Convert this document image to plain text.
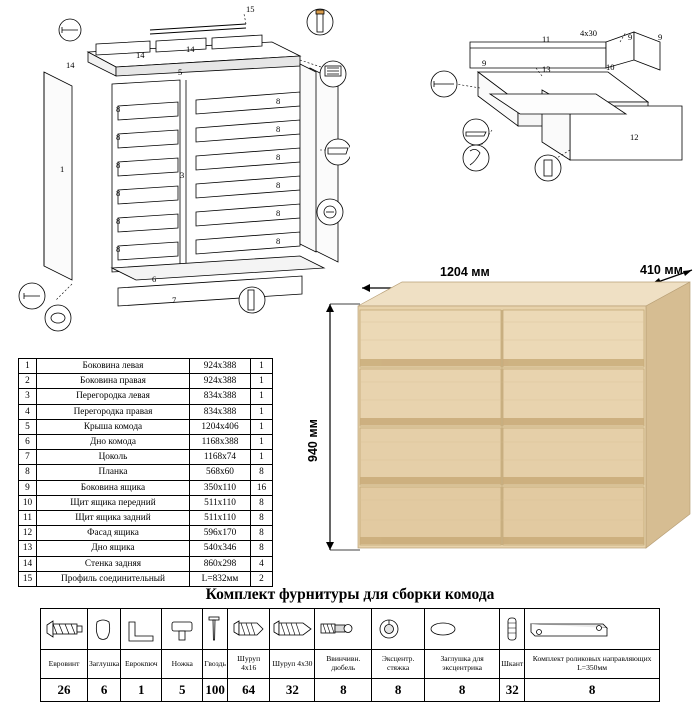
15
14
14
14
5
1
3
6
7
8
8
8
8
8
8
8
8
8
8
8
8
11
4х30	9	9
9
13	10
12
1	Боковина левая	924х388	1
2	Боковина правая	924х388	1
3	Перегородка левая	834х388	1
4	Перегородка правая	834х388	1
5	Крыша комода	1204х406	1
6	Дно комода	1168х388	1
7	Цоколь	1168х74	1
8	Планка	568х60	8
9	Боковина ящика	350х110	16
10	Щит ящика передний	511х110	8
11	Щит ящика задний	511х110	8
12	Фасад ящика	596х170	8
13	Дно ящика	540х346	8
14	Стенка задняя	860х298	4
15	Профиль соединительный	L=832мм	2
1204 мм	410 мм
940 мм
Комплект фурнитуры для сборки комода

Евровинт	Заглушка	Еврокnюч	Ножка	Гвоздь	Шуруп 4х16	Шуруп 4х30	Ввинчивн. дюбель	Эксцентр. стяжка	Заглушка для эксцентрика	Шкант	Комплект роликовых направляющих L=350мм
26	6	1	5	100	64	32	8	8	8	32	8
